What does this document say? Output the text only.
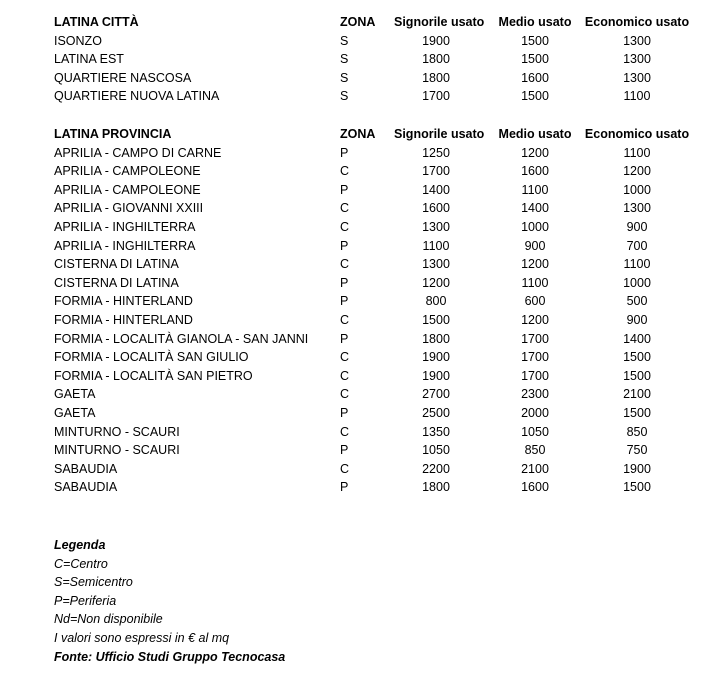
LATINA CITTÀ	ZONA Signorile usato	Medio usato	Economico usato
ISONZO	S	1900	1500	1300
LATINA EST	S	1800	1500	1300
QUARTIERE NASCOSA	S	1800	1600	1300
QUARTIERE NUOVA LATINA	S	1700	1500	1100
LATINA PROVINCIA	ZONA Signorile usato	Medio usato	Economico usato
APRILIA - CAMPO DI CARNE	P	1250	1200	1100
APRILIA - CAMPOLEONE	C	1700	1600	1200
APRILIA - CAMPOLEONE	P	1400	1100	1000
APRILIA - GIOVANNI XXIII	C	1600	1400	1300
APRILIA - INGHILTERRA	C	1300	1000	900
APRILIA - INGHILTERRA	P	1100	900	700
CISTERNA DI LATINA	C	1300	1200	1100
CISTERNA DI LATINA	P	1200	1100	1000
FORMIA - HINTERLAND	P	800	600	500
FORMIA - HINTERLAND	C	1500	1200	900
FORMIA - LOCALITÀ GIANOLA - SAN JANNI	P	1800	1700	1400
FORMIA - LOCALITÀ SAN GIULIO	C	1900	1700	1500
FORMIA - LOCALITÀ SAN PIETRO	C	1900	1700	1500
GAETA	C	2700	2300	2100
GAETA	P	2500	2000	1500
MINTURNO - SCAURI	C	1350	1050	850
MINTURNO - SCAURI	P	1050	850	750
SABAUDIA	C	2200	2100	1900
SABAUDIA	P	1800	1600	1500
Legenda
C=Centro
S=Semicentro
P=Periferia
Nd=Non disponibile
I valori sono espressi in € al mq
Fonte: Ufficio Studi Gruppo Tecnocasa
